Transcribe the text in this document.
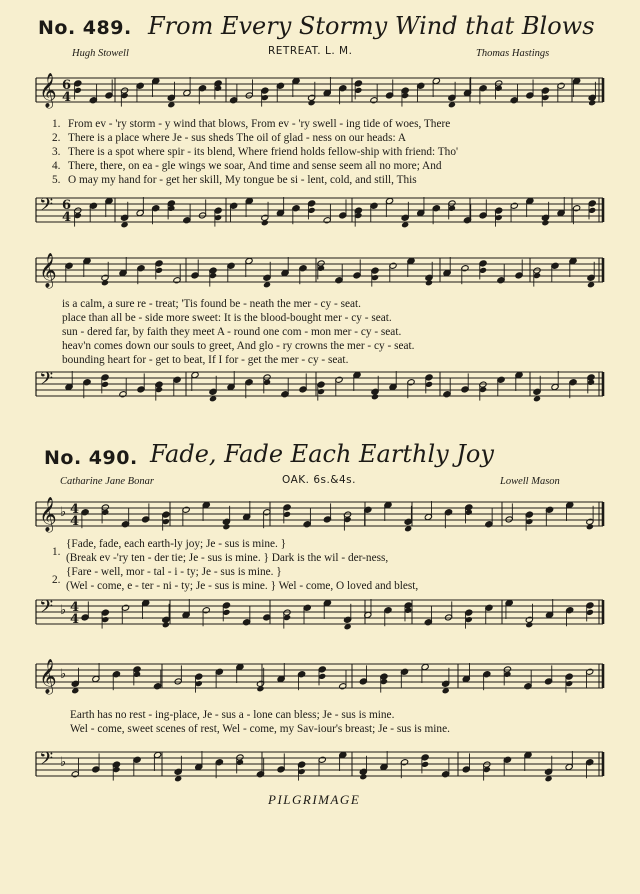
No. 489. From Every Stormy Wind that Blows
Hugh Stowell	RETREAT. L. M.	Thomas Hastings
No. 490. Fade, Fade Each Earthly Joy
Catharine Jane Bonar	OAK. 6s.&4s.	Lowell Mason
𝄞 6
4
𝄢 6
4
𝄞
𝄢
𝄞 ♭ 4
4
𝄢 ♭ 4
4
𝄞 ♭
𝄢 ♭
1. From ev - 'ry storm - y wind that blows, From ev - 'ry swell - ing tide of woes, There
2. There is a place where Je - sus sheds The oil of glad - ness on our heads: A
3. There is a spot where spir - its blend, Where friend holds fellow-ship with friend: Tho'
4. There, there, on ea - gle wings we soar, And time and sense seem all no more; And
5. O may my hand for - get her skill, My tongue be si - lent, cold, and still, This
is a calm, a sure re - treat; 'Tis found be - neath the mer - cy - seat.
place than all be - side more sweet: It is the blood-bought mer - cy - seat.
sun - dered far, by faith they meet A - round one com - mon mer - cy - seat.
heav'n comes down our souls to greet, And glo - ry crowns the mer - cy - seat.
bounding heart for - get to beat, If I for - get the mer - cy - seat.
1.
2.
{Fade, fade, each earth-ly joy; Je - sus is mine. }
(Break ev -'ry ten - der tie; Je - sus is mine. } Dark is the wil - der-ness,
{Fare - well, mor - tal - i - ty; Je - sus is mine. }
(Wel - come, e - ter - ni - ty; Je - sus is mine. } Wel - come, O loved and blest,
Earth has no rest - ing-place, Je - sus a - lone can bless; Je - sus is mine.
Wel - come, sweet scenes of rest, Wel - come, my Sav-iour's breast; Je - sus is mine.
PILGRIMAGE
